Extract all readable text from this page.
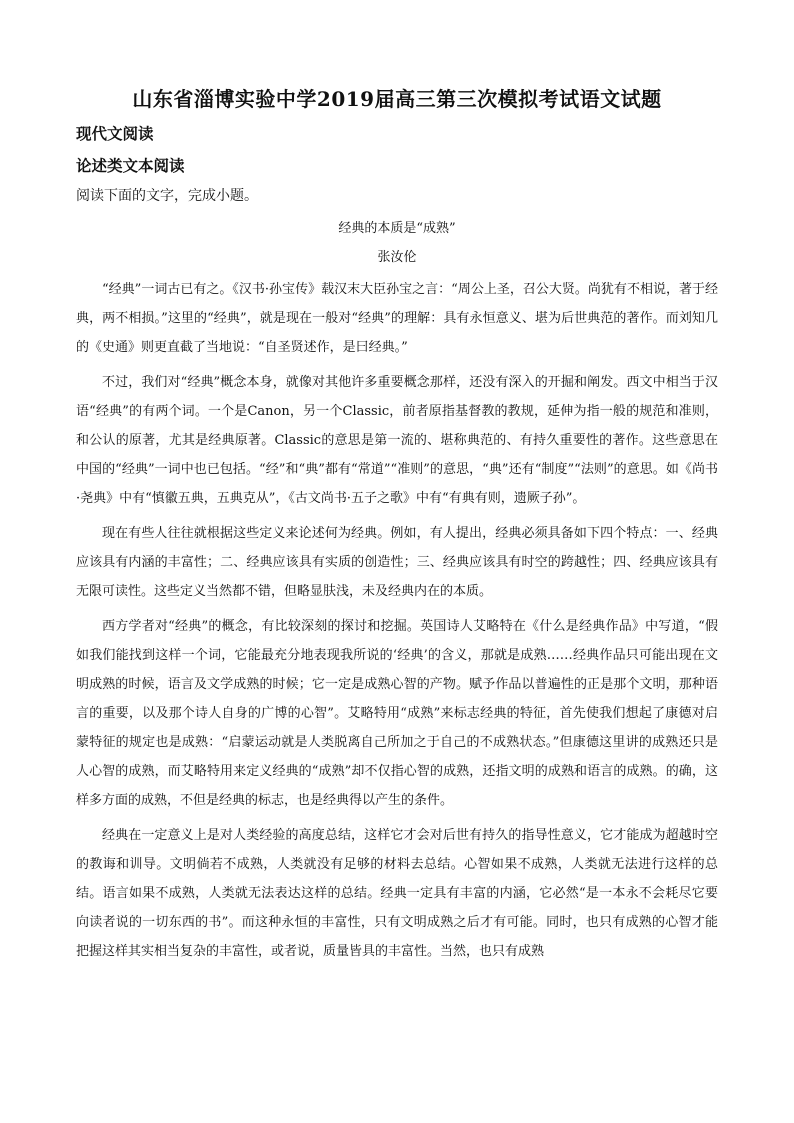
山东省淄博实验中学2019届高三第三次模拟考试语文试题
现代文阅读
论述类文本阅读
阅读下面的文字，完成小题。
经典的本质是“成熟”
张汝伦

“经典”一词古已有之。《汉书·孙宝传》载汉末大臣孙宝之言：“周公上圣，召公大贤。尚犹有不相说，著于经典，两不相损。”这里的“经典”，就是现在一般对“经典”的理解：具有永恒意义、堪为后世典范的著作。而刘知几的《史通》则更直截了当地说：“自圣贤述作，是曰经典。”

不过，我们对“经典”概念本身，就像对其他许多重要概念那样，还没有深入的开掘和阐发。西文中相当于汉语“经典”的有两个词。一个是Canon，另一个Classic，前者原指基督教的教规，延伸为指一般的规范和准则，和公认的原著，尤其是经典原著。Classic的意思是第一流的、堪称典范的、有持久重要性的著作。这些意思在中国的“经典”一词中也已包括。“经”和“典”都有“常道”“准则”的意思，“典”还有“制度”“法则”的意思。如《尚书·尧典》中有“慎徽五典，五典克从”，《古文尚书·五子之歌》中有“有典有则，遗厥子孙”。

现在有些人往往就根据这些定义来论述何为经典。例如，有人提出，经典必须具备如下四个特点：一、经典应该具有内涵的丰富性；二、经典应该具有实质的创造性；三、经典应该具有时空的跨越性；四、经典应该具有无限可读性。这些定义当然都不错，但略显肤浅，未及经典内在的本质。

西方学者对“经典”的概念，有比较深刻的探讨和挖掘。英国诗人艾略特在《什么是经典作品》中写道，“假如我们能找到这样一个词，它能最充分地表现我所说的‘经典’的含义，那就是成熟……经典作品只可能出现在文明成熟的时候，语言及文学成熟的时候；它一定是成熟心智的产物。赋予作品以普遍性的正是那个文明，那种语言的重要，以及那个诗人自身的广博的心智”。艾略特用“成熟”来标志经典的特征，首先使我们想起了康德对启蒙特征的规定也是成熟：“启蒙运动就是人类脱离自己所加之于自己的不成熟状态。”但康德这里讲的成熟还只是人心智的成熟，而艾略特用来定义经典的“成熟”却不仅指心智的成熟，还指文明的成熟和语言的成熟。的确，这样多方面的成熟，不但是经典的标志，也是经典得以产生的条件。

经典在一定意义上是对人类经验的高度总结，这样它才会对后世有持久的指导性意义，它才能成为超越时空的教诲和训导。文明倘若不成熟，人类就没有足够的材料去总结。心智如果不成熟，人类就无法进行这样的总结。语言如果不成熟，人类就无法表达这样的总结。经典一定具有丰富的内涵，它必然“是一本永不会耗尽它要向读者说的一切东西的书”。而这种永恒的丰富性，只有文明成熟之后才有可能。同时，也只有成熟的心智才能把握这样其实相当复杂的丰富性，或者说，质量皆具的丰富性。当然，也只有成熟
